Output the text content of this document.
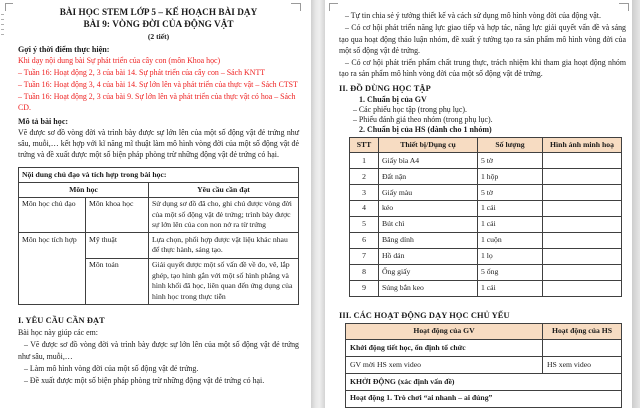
BÀI HỌC STEM LỚP 5 – KẾ HOẠCH BÀI DẠY
BÀI 9: VÒNG ĐỜI CỦA ĐỘNG VẬT
(2 tiết)
Gợi ý thời điểm thực hiện:

Khi dạy nội dung bài Sự phát triển của cây con (môn Khoa học)

– Tuần 16: Hoạt động 2, 3 của bài 14. Sự phát triển của cây con – Sách KNTT

– Tuần 16: Hoạt động 3, 4 của bài 14. Sự lớn lên và phát triển của thực vật – Sách CTST

– Tuần 16: Hoạt động 2, 3 của bài 9. Sự lớn lên và phát triển của thực vật có hoa – Sách CD.

Mô tả bài học:

Vẽ được sơ đồ vòng đời và trình bày được sự lớn lên của một số động vật đẻ trứng như sâu, muỗi,… kết hợp với kĩ năng mĩ thuật làm mô hình vòng đời của một số động vật đẻ trứng và đề xuất được một số biện pháp phòng trừ những động vật đẻ trứng có hại.

Nội dung chủ đạo và tích hợp trong bài học:		
Môn học		Yêu cầu cần đạt
Môn học chủ đạo	Môn khoa học	Sử dụng sơ đồ đã cho, ghi chú được vòng đời của một số động vật đẻ trứng; trình bày được sự lớn lên của con non nở ra từ trứng
Môn học tích hợp	Mỹ thuật	Lựa chọn, phối hợp được vật liệu khác nhau để thực hành, sáng tạo.
	Môn toán	Giải quyết được một số vấn đề về đo, vẽ, lắp ghép, tạo hình gắn với một số hình phẳng và hình khối đã học, liên quan đến ứng dụng của hình học trong thực tiễn
I. YÊU CẦU CẦN ĐẠT

Bài học này giúp các em:

– Vẽ được sơ đồ vòng đời và trình bày được sự lớn lên của một số động vật đẻ trứng như sâu, muỗi,…

– Làm mô hình vòng đời của một số động vật đẻ trứng.

– Đề xuất được một số biện pháp phòng trừ những động vật đẻ trứng có hại.

– Tự tin chia sẻ ý tưởng thiết kế và cách sử dụng mô hình vòng đời của động vật.

– Có cơ hội phát triển năng lực giao tiếp và hợp tác, năng lực giải quyết vấn đề và sáng tạo qua hoạt động thảo luận nhóm, đề xuất ý tưởng tạo ra sản phẩm mô hình vòng đời của một số động vật đẻ trứng.

– Có cơ hội phát triển phẩm chất trung thực, trách nhiệm khi tham gia hoạt động nhóm tạo ra sản phẩm mô hình vòng đời của một số động vật đẻ trứng.

II. ĐỒ DÙNG HỌC TẬP

1. Chuẩn bị của GV

– Các phiếu học tập (trong phụ lục).

– Phiếu đánh giá theo nhóm (trong phụ lục).

2. Chuẩn bị của HS (dành cho 1 nhóm)

STT	Thiết bị/Dụng cụ	Số lượng	Hình ảnh minh hoạ
1	Giấy bìa A4	5 tờ	
2	Đất nặn	1 hộp	
3	Giấy màu	5 tờ	
4	kéo	1 cái	
5	Bút chì	1 cái	
6	Băng dính	1 cuộn	
7	Hồ dán	1 lọ	
8	Ống giấy	5 ống	
9	Súng bắn keo	1 cái	
III. CÁC HOẠT ĐỘNG DẠY HỌC CHỦ YẾU
Hoạt động của GV	Hoạt động của HS
Khởi động tiết học, ổn định tổ chức	
GV mời HS xem video	HS xem video
KHỞI ĐỘNG (xác định vấn đề)	
Hoạt động 1. Trò chơi “ai nhanh – ai đúng”	
